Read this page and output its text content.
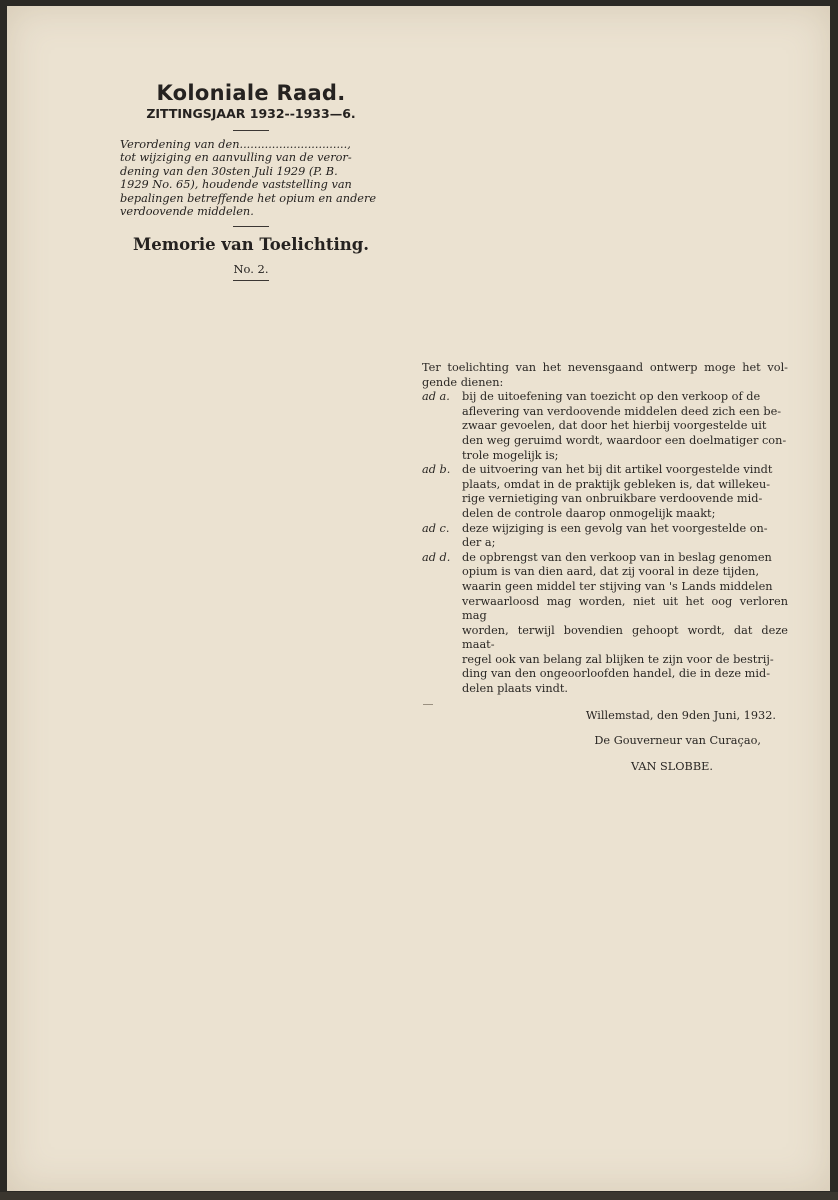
Koloniale Raad.
ZITTINGSJAAR 1932--1933—6.

Verordening van den..............................,

tot wijziging en aanvulling van de veror-

dening van den 30sten Juli 1929 (P. B.

1929 No. 65), houdende vaststelling van

bepalingen betreffende het opium en andere

verdoovende middelen.

Memorie van Toelichting.
No. 2.
Ter toelichting van het nevensgaand ontwerp moge het vol-
gende dienen:
ad a.	bij de uitoefening van toezicht op den verkoop of de
aflevering van verdoovende middelen deed zich een be-
zwaar gevoelen, dat door het hierbij voorgestelde uit
den weg geruimd wordt, waardoor een doelmatiger con-
trole mogelijk is;
ad b.	de uitvoering van het bij dit artikel voorgestelde vindt
plaats, omdat in de praktijk gebleken is, dat willekeu-
rige vernietiging van onbruikbare verdoovende mid-
delen de controle daarop onmogelijk maakt;
ad c.	deze wijziging is een gevolg van het voorgestelde on-
der a;
ad d.	de opbrengst van den verkoop van in beslag genomen
opium is van dien aard, dat zij vooral in deze tijden,
waarin geen middel ter stijving van 's Lands middelen
verwaarloosd mag worden, niet uit het oog verloren mag
worden, terwijl bovendien gehoopt wordt, dat deze maat-
regel ook van belang zal blijken te zijn voor de bestrij-
ding van den ongeoorloofden handel, die in deze mid-
delen plaats vindt.
Willemstad, den 9den Juni, 1932.
De Gouverneur van Curaçao,
VAN SLOBBE.
